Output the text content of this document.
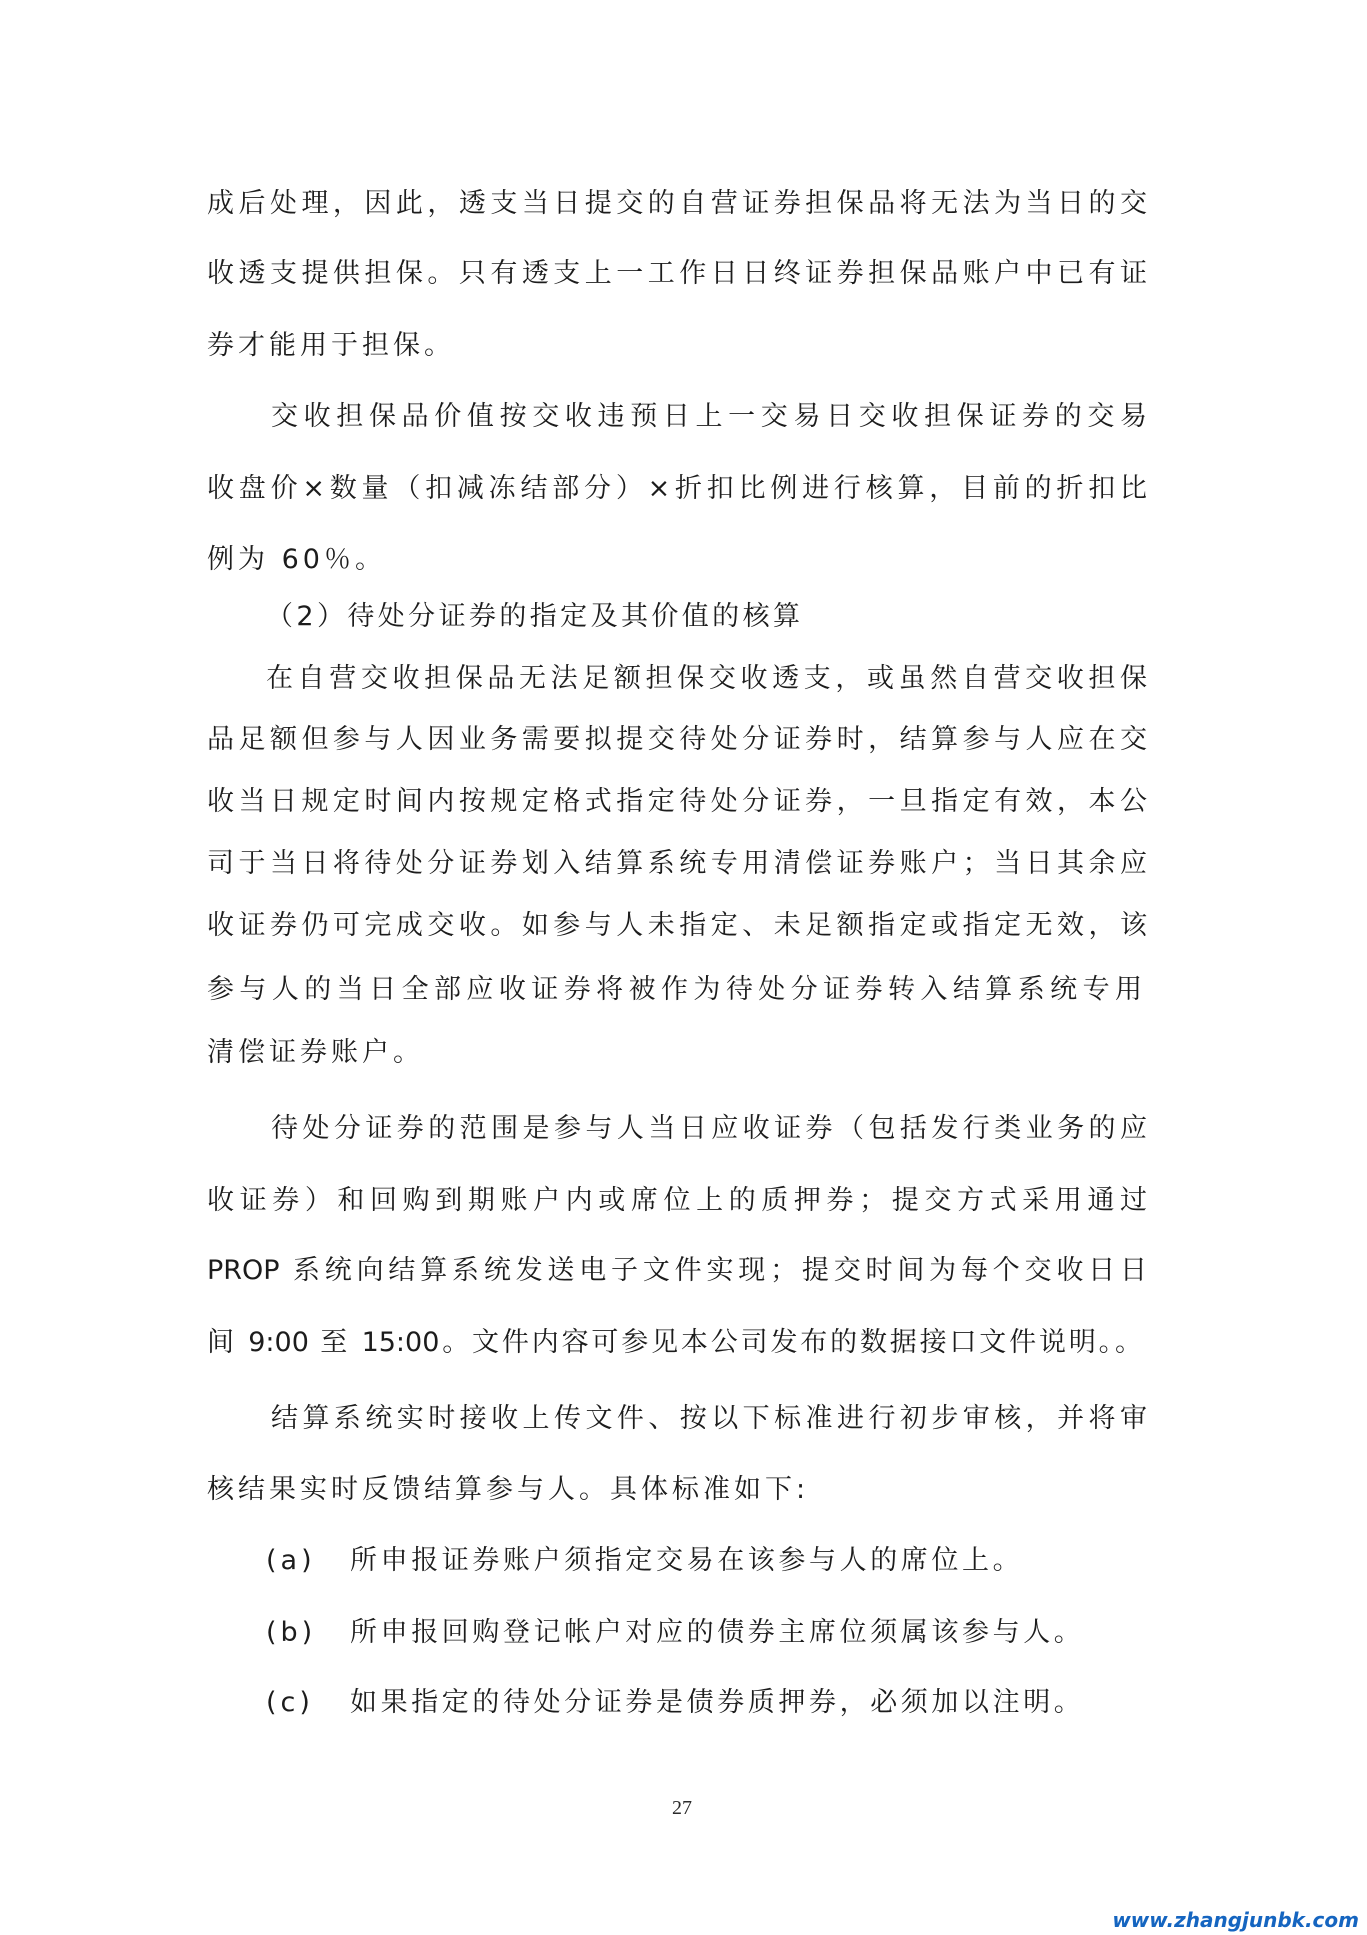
成后处理，因此，透支当日提交的自营证券担保品将无法为当日的交

收透支提供担保。只有透支上一工作日日终证券担保品账户中已有证

券才能用于担保。

交收担保品价值按交收违预日上一交易日交收担保证券的交易

收盘价×数量（扣减冻结部分）×折扣比例进行核算，目前的折扣比

例为 60％。

（2）待处分证券的指定及其价值的核算

在自营交收担保品无法足额担保交收透支，或虽然自营交收担保

品足额但参与人因业务需要拟提交待处分证券时，结算参与人应在交

收当日规定时间内按规定格式指定待处分证券，一旦指定有效，本公

司于当日将待处分证券划入结算系统专用清偿证券账户；当日其余应

收证券仍可完成交收。如参与人未指定、未足额指定或指定无效，该

参与人的当日全部应收证券将被作为待处分证券转入结算系统专用

清偿证券账户。

待处分证券的范围是参与人当日应收证券（包括发行类业务的应

收证券）和回购到期账户内或席位上的质押券；提交方式采用通过

PROP 系统向结算系统发送电子文件实现；提交时间为每个交收日日

间 9:00 至 15:00。文件内容可参见本公司发布的数据接口文件说明。。

结算系统实时接收上传文件、按以下标准进行初步审核，并将审

核结果实时反馈结算参与人。具体标准如下:

(a) 所申报证券账户须指定交易在该参与人的席位上。
(b) 所申报回购登记帐户对应的债券主席位须属该参与人。
(c) 如果指定的待处分证券是债券质押券，必须加以注明。
27
www.zhangjunbk.com
